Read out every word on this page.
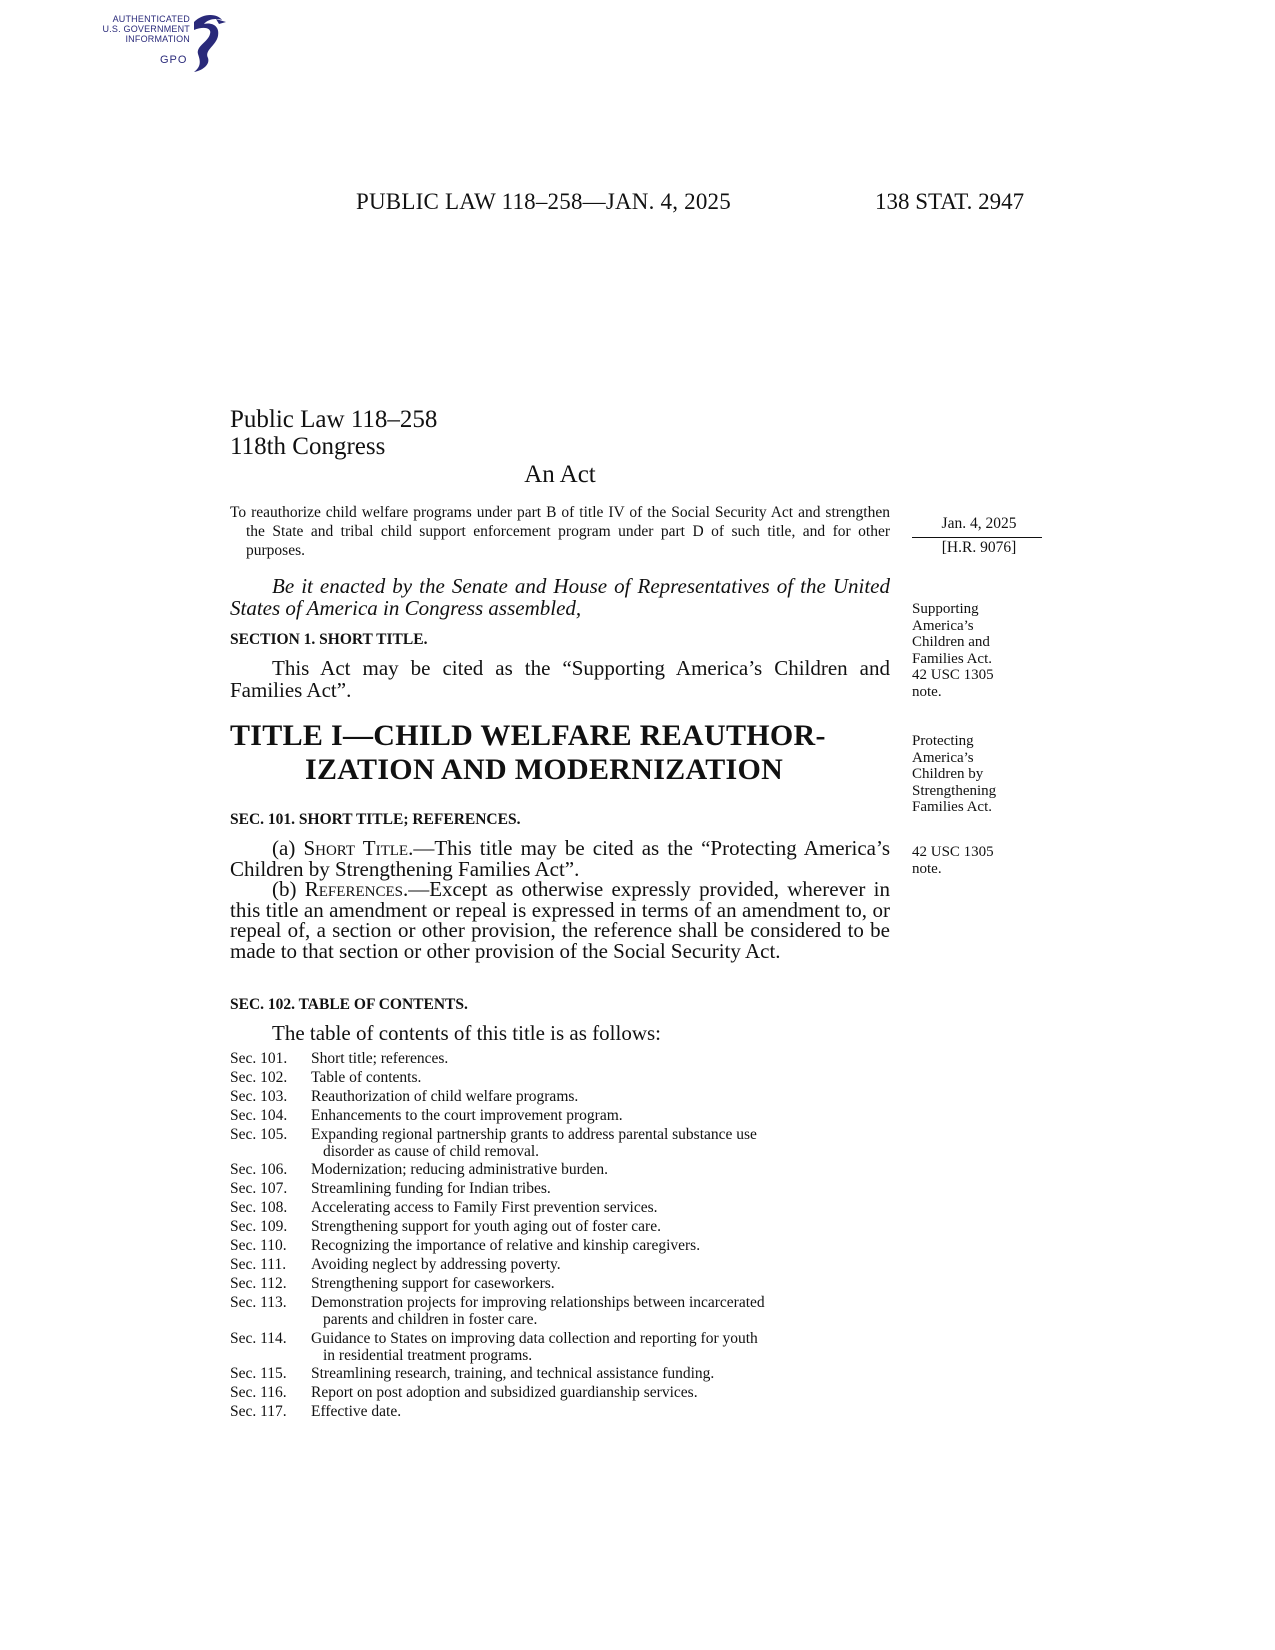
AUTHENTICATED
U.S. GOVERNMENT
INFORMATION
GPO
PUBLIC LAW 118–258—JAN. 4, 2025	138 STAT. 2947
Public Law 118–258
118th Congress
An Act
To reauthorize child welfare programs under part B of title IV of the Social Security Act and strengthen the State and tribal child support enforcement program under part D of such title, and for other purposes.
Jan. 4, 2025
[H.R. 9076]
Be it enacted by the Senate and House of Representatives of the United States of America in Congress assembled,
SECTION 1. SHORT TITLE.
This Act may be cited as the “Supporting America’s Children and Families Act”.
Supporting
America’s
Children and
Families Act.
42 USC 1305
note.
TITLE I—CHILD WELFARE REAUTHOR-
IZATION AND MODERNIZATION
Protecting
America’s
Children by
Strengthening
Families Act.
SEC. 101. SHORT TITLE; REFERENCES.
(a) Short Title.—This title may be cited as the “Protecting America’s Children by Strengthening Families Act”.
(b) References.—Except as otherwise expressly provided, wherever in this title an amendment or repeal is expressed in terms of an amendment to, or repeal of, a section or other provision, the reference shall be considered to be made to that section or other provision of the Social Security Act.
42 USC 1305
note.
SEC. 102. TABLE OF CONTENTS.
The table of contents of this title is as follows:
Sec. 101.	Short title; references.
Sec. 102.	Table of contents.
Sec. 103.	Reauthorization of child welfare programs.
Sec. 104.	Enhancements to the court improvement program.
Sec. 105.	Expanding regional partnership grants to address parental substance use
disorder as cause of child removal.
Sec. 106.	Modernization; reducing administrative burden.
Sec. 107.	Streamlining funding for Indian tribes.
Sec. 108.	Accelerating access to Family First prevention services.
Sec. 109.	Strengthening support for youth aging out of foster care.
Sec. 110.	Recognizing the importance of relative and kinship caregivers.
Sec. 111.	Avoiding neglect by addressing poverty.
Sec. 112.	Strengthening support for caseworkers.
Sec. 113.	Demonstration projects for improving relationships between incarcerated
parents and children in foster care.
Sec. 114.	Guidance to States on improving data collection and reporting for youth
in residential treatment programs.
Sec. 115.	Streamlining research, training, and technical assistance funding.
Sec. 116.	Report on post adoption and subsidized guardianship services.
Sec. 117.	Effective date.
